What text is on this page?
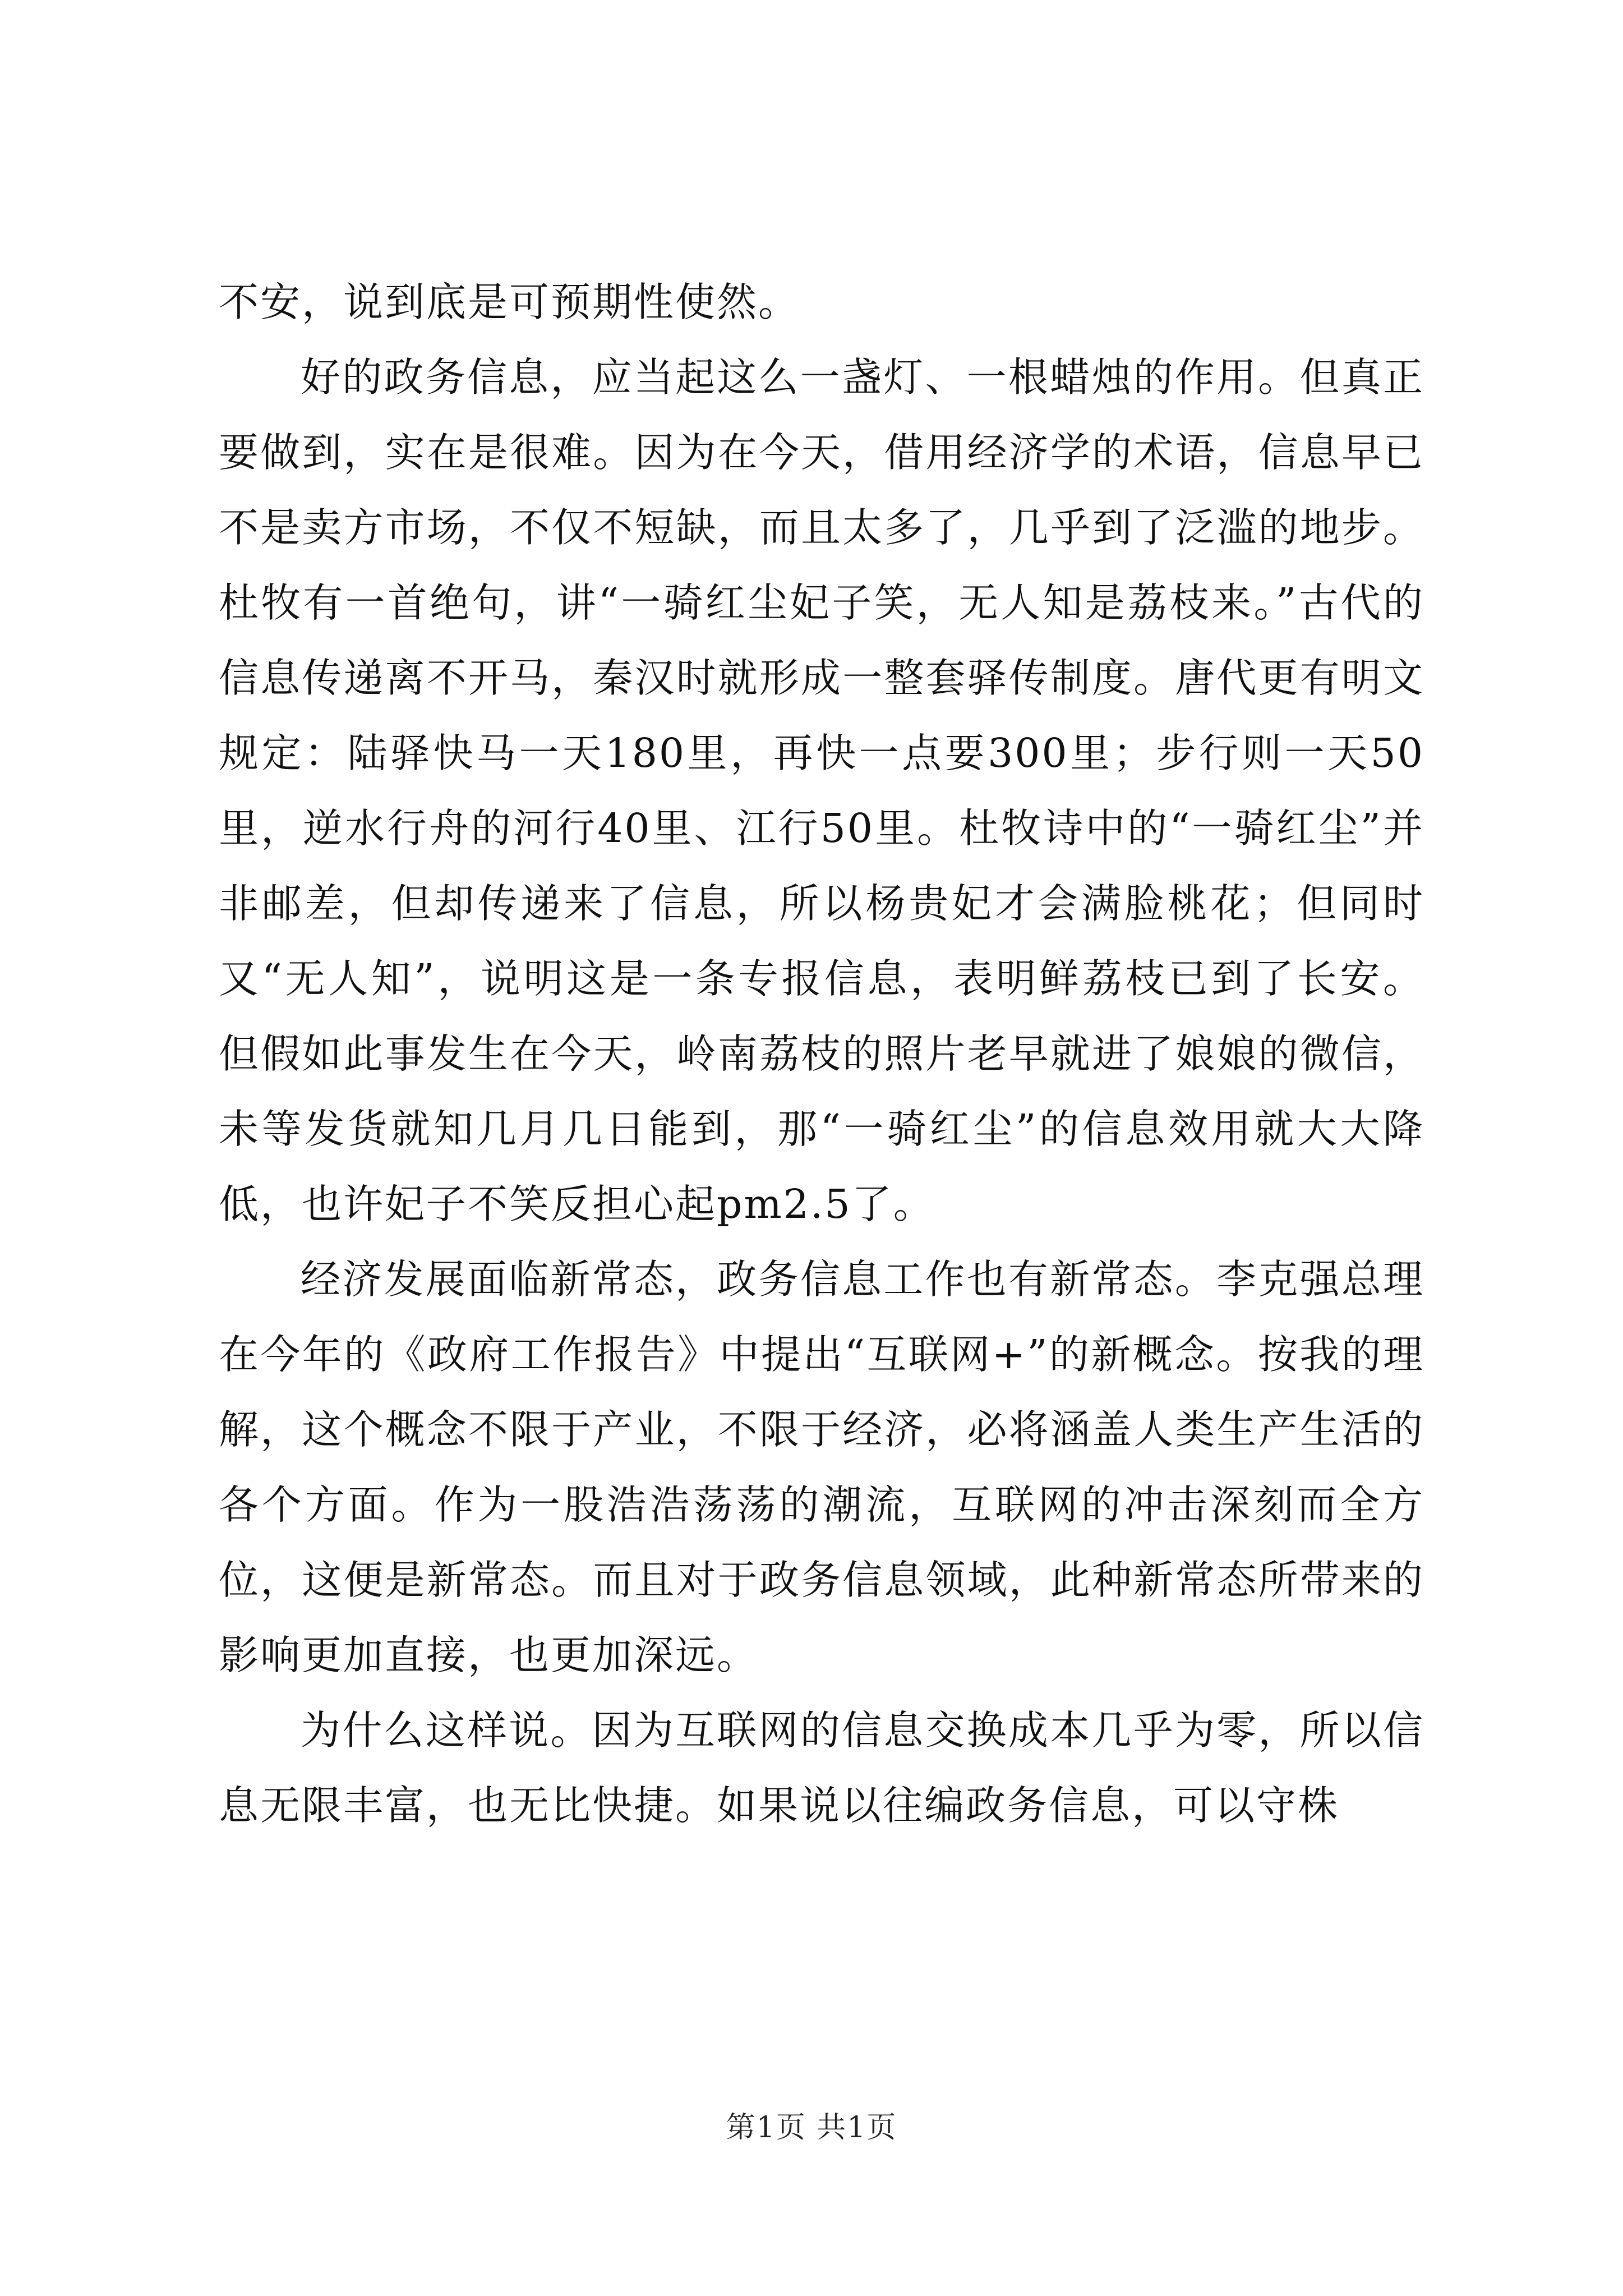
不安，说到底是可预期性使然。

好的政务信息，应当起这么一盏灯、一根蜡烛的作用。但真正要做到，实在是很难。因为在今天，借用经济学的术语，信息早已不是卖方市场，不仅不短缺，而且太多了，几乎到了泛滥的地步。杜牧有一首绝句，讲“一骑红尘妃子笑，无人知是荔枝来。”古代的信息传递离不开马，秦汉时就形成一整套驿传制度。唐代更有明文规定：陆驿快马一天180里，再快一点要300里；步行则一天50里，逆水行舟的河行40里、江行50里。杜牧诗中的“一骑红尘”并非邮差，但却传递来了信息，所以杨贵妃才会满脸桃花；但同时又“无人知”，说明这是一条专报信息，表明鲜荔枝已到了长安。但假如此事发生在今天，岭南荔枝的照片老早就进了娘娘的微信，未等发货就知几月几日能到，那“一骑红尘”的信息效用就大大降低，也许妃子不笑反担心起pm2.5了。

经济发展面临新常态，政务信息工作也有新常态。李克强总理在今年的《政府工作报告》中提出“互联网+”的新概念。按我的理解，这个概念不限于产业，不限于经济，必将涵盖人类生产生活的各个方面。作为一股浩浩荡荡的潮流，互联网的冲击深刻而全方位，这便是新常态。而且对于政务信息领域，此种新常态所带来的影响更加直接，也更加深远。

为什么这样说。因为互联网的信息交换成本几乎为零，所以信息无限丰富，也无比快捷。如果说以往编政务信息，可以守株

第1页 共1页
